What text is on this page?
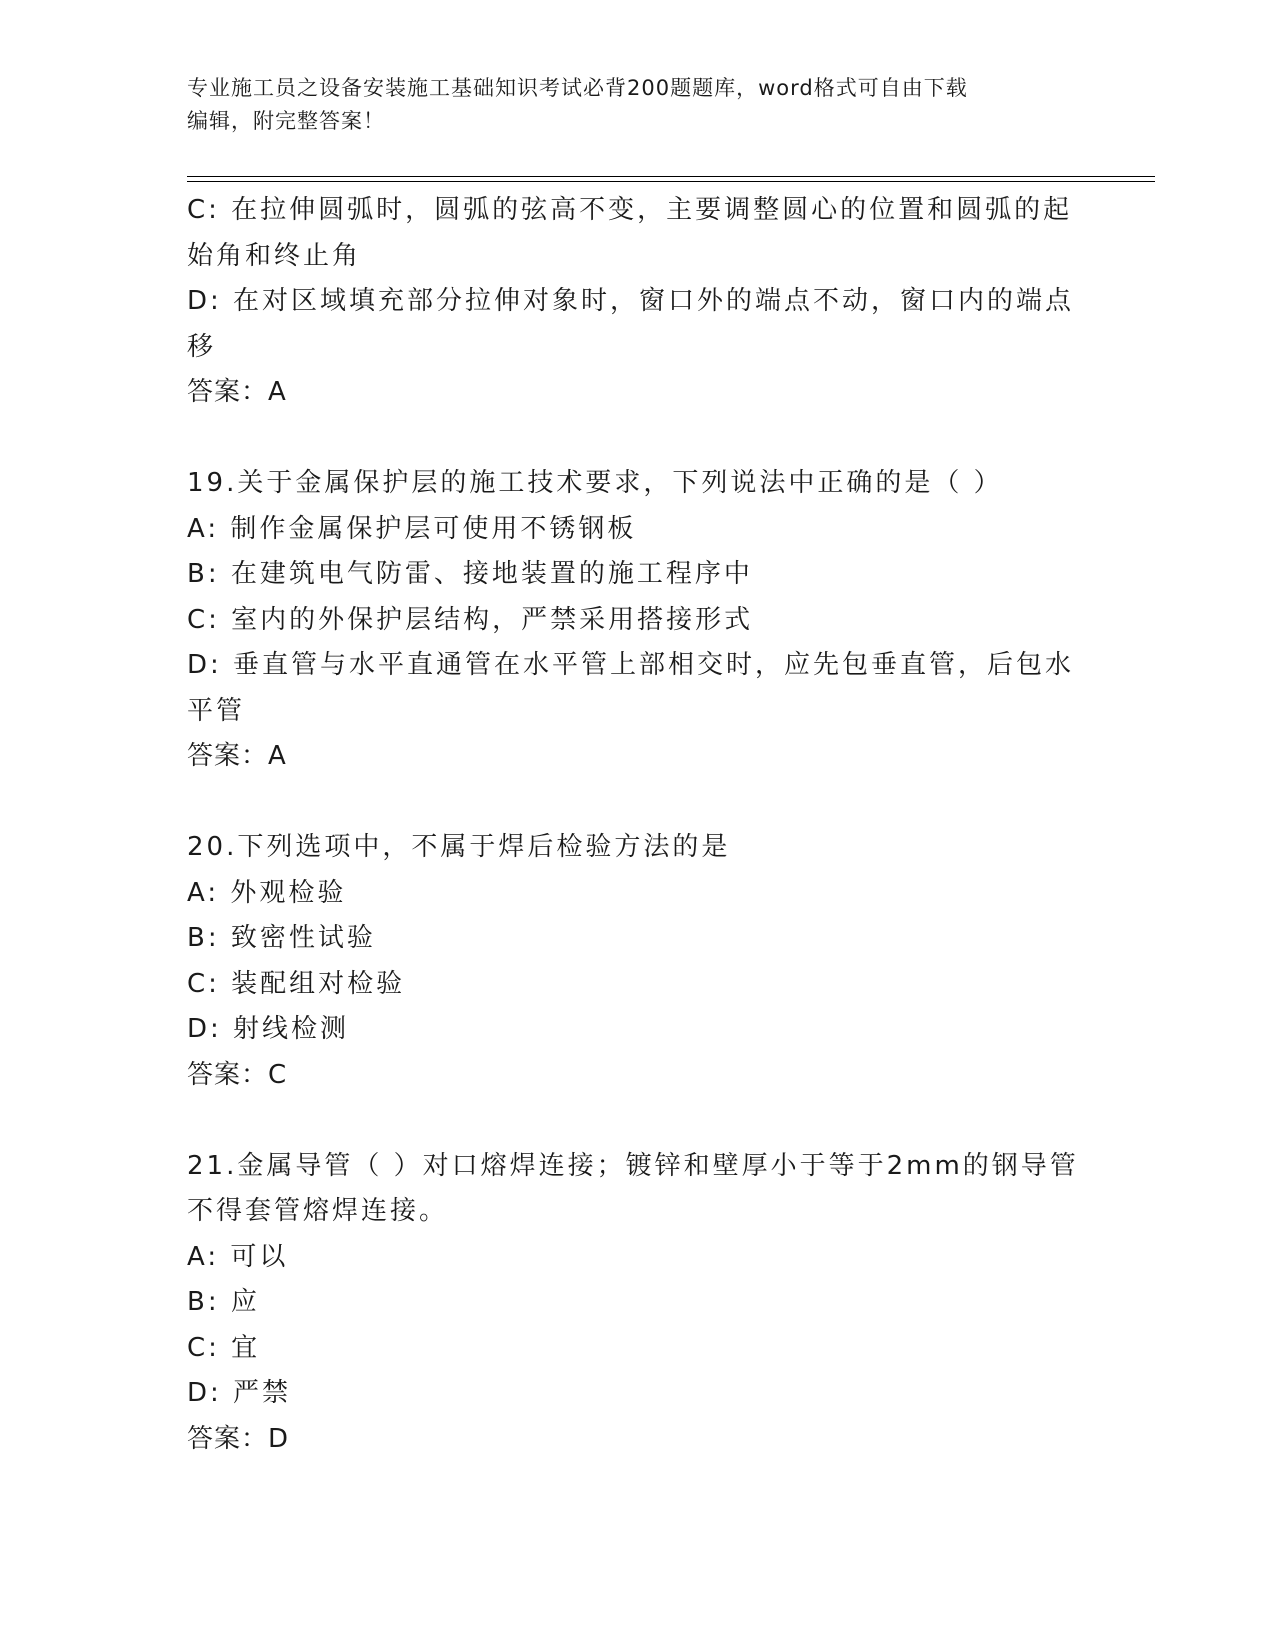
专业施工员之设备安装施工基础知识考试必背200题题库，word格式可自由下载
编辑，附完整答案！
C: 在拉伸圆弧时，圆弧的弦高不变，主要调整圆心的位置和圆弧的起
始角和终止角
D: 在对区域填充部分拉伸对象时，窗口外的端点不动，窗口内的端点
移
答案：A
19.关于金属保护层的施工技术要求，下列说法中正确的是（ ）
A: 制作金属保护层可使用不锈钢板
B: 在建筑电气防雷、接地装置的施工程序中
C: 室内的外保护层结构，严禁采用搭接形式
D: 垂直管与水平直通管在水平管上部相交时，应先包垂直管，后包水
平管
答案：A
20.下列选项中，不属于焊后检验方法的是
A: 外观检验
B: 致密性试验
C: 装配组对检验
D: 射线检测
答案：C
21.金属导管（ ）对口熔焊连接；镀锌和壁厚小于等于2mm的钢导管
不得套管熔焊连接。
A: 可以
B: 应
C: 宜
D: 严禁
答案：D
